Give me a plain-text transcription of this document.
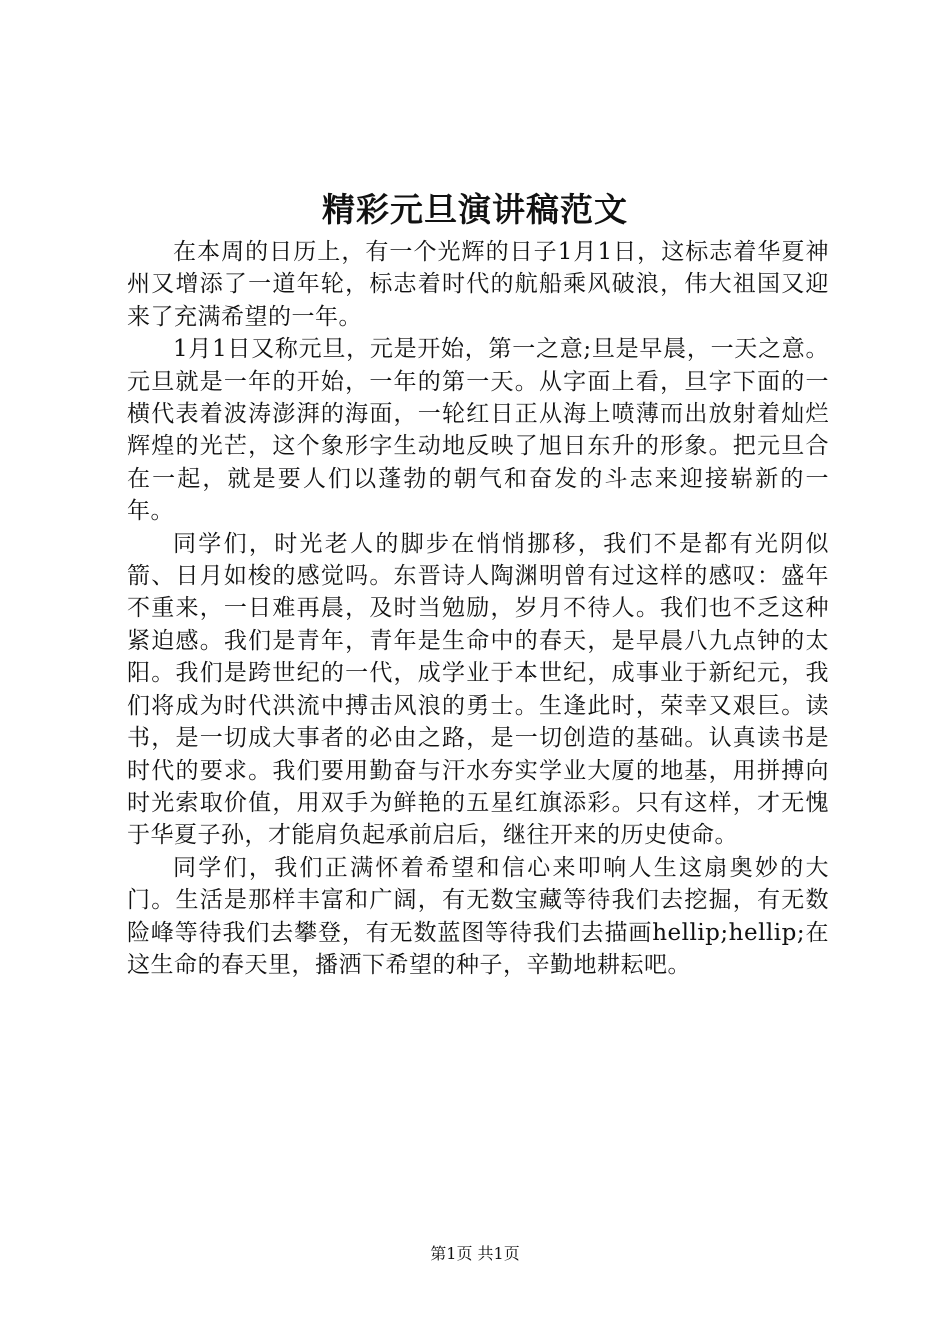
精彩元旦演讲稿范文

在本周的日历上，有一个光辉的日子1月1日，这标志着华夏神州又增添了一道年轮，标志着时代的航船乘风破浪，伟大祖国又迎来了充满希望的一年。

1月1日又称元旦，元是开始，第一之意;旦是早晨，一天之意。元旦就是一年的开始，一年的第一天。从字面上看，旦字下面的一横代表着波涛澎湃的海面，一轮红日正从海上喷薄而出放射着灿烂辉煌的光芒，这个象形字生动地反映了旭日东升的形象。把元旦合在一起，就是要人们以蓬勃的朝气和奋发的斗志来迎接崭新的一年。

同学们，时光老人的脚步在悄悄挪移，我们不是都有光阴似箭、日月如梭的感觉吗。东晋诗人陶渊明曾有过这样的感叹：盛年不重来，一日难再晨，及时当勉励，岁月不待人。我们也不乏这种紧迫感。我们是青年，青年是生命中的春天，是早晨八九点钟的太阳。我们是跨世纪的一代，成学业于本世纪，成事业于新纪元，我们将成为时代洪流中搏击风浪的勇士。生逢此时，荣幸又艰巨。读书，是一切成大事者的必由之路，是一切创造的基础。认真读书是时代的要求。我们要用勤奋与汗水夯实学业大厦的地基，用拼搏向时光索取价值，用双手为鲜艳的五星红旗添彩。只有这样，才无愧于华夏子孙，才能肩负起承前启后，继往开来的历史使命。

同学们，我们正满怀着希望和信心来叩响人生这扇奥妙的大门。生活是那样丰富和广阔，有无数宝藏等待我们去挖掘，有无数险峰等待我们去攀登，有无数蓝图等待我们去描画hellip;hellip;在这生命的春天里，播洒下希望的种子，辛勤地耕耘吧。

第1页 共1页
